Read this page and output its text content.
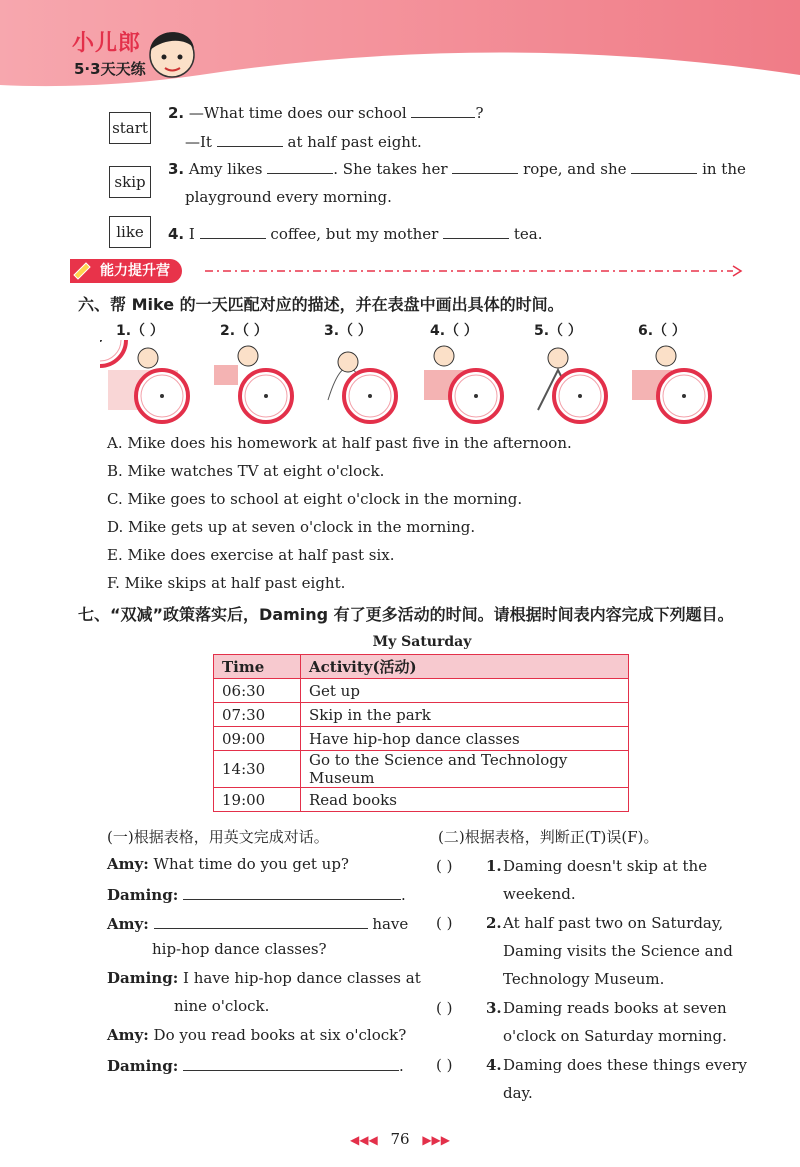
小儿郎
5·3天天练
start
skip
like
2. —What time does our school	?
—It	at half past eight.
3. Amy likes	. She takes her	rope, and she	in the
playground every morning.
4. I	coffee, but my mother	tea.
能力提升营
六、帮 Mike 的一天匹配对应的描述，并在表盘中画出具体的时间。
1.（ ）	2.（ ）	3.（ ）	4.（ ）	5.（ ）	6.（ ）
A. Mike does his homework at half past five in the afternoon.
B. Mike watches TV at eight o'clock.
C. Mike goes to school at eight o'clock in the morning.
D. Mike gets up at seven o'clock in the morning.
E. Mike does exercise at half past six.
F. Mike skips at half past eight.
七、“双减”政策落实后，Daming 有了更多活动的时间。请根据时间表内容完成下列题目。
My Saturday
Time	Activity(活动)
06:30	Get up
07:30	Skip in the park
09:00	Have hip-hop dance classes
14:30	Go to the Science and Technology Museum
19:00	Read books
(一)根据表格，用英文完成对话。
Amy: What time do you get up?
Daming:	.
Amy:	have
hip-hop dance classes?
Daming: I have hip-hop dance classes at
nine o'clock.
Amy: Do you read books at six o'clock?
Daming:	.
(二)根据表格，判断正(T)误(F)。
( ) 1. Daming doesn't skip at the
weekend.
( ) 2. At half past two on Saturday,
Daming visits the Science and
Technology Museum.
( ) 3. Daming reads books at seven
o'clock on Saturday morning.
( ) 4. Daming does these things every
day.
◀◀◀ 76 ▶▶▶
